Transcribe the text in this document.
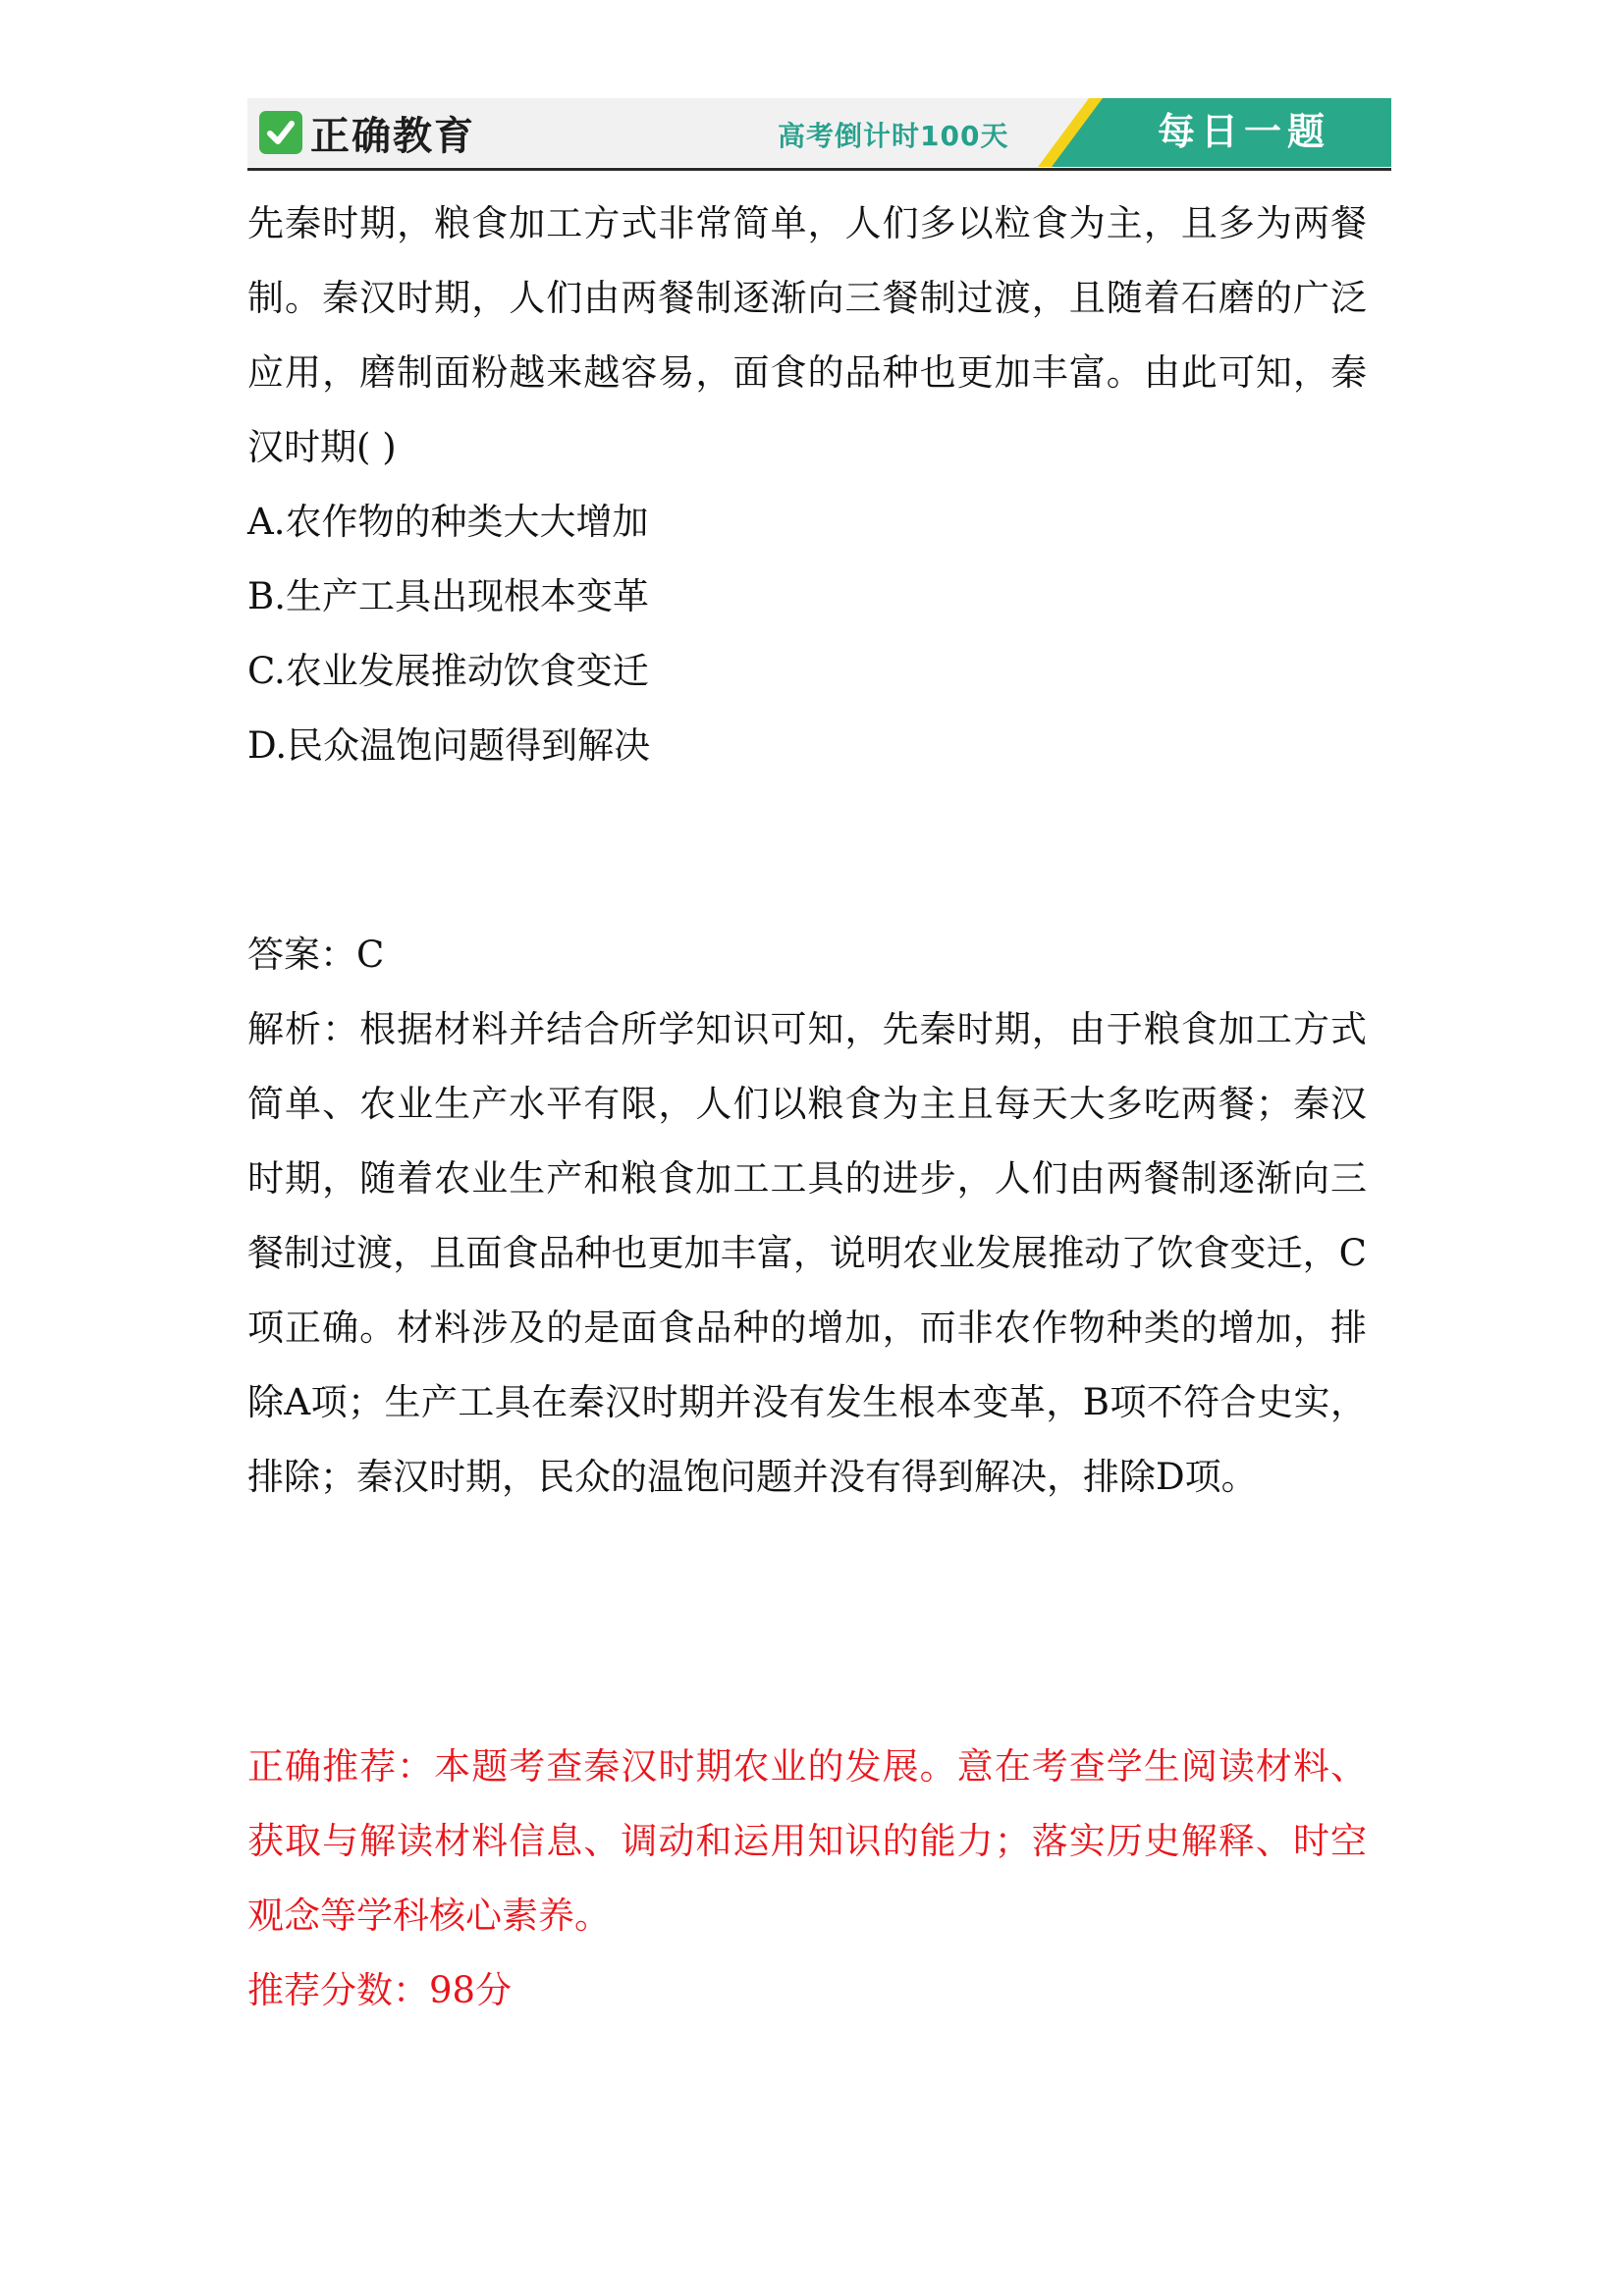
正确教育	高考倒计时100天	每日一题

先秦时期，粮食加工方式非常简单，人们多以粒食为主，且多为两餐制。秦汉时期，人们由两餐制逐渐向三餐制过渡，且随着石磨的广泛应用，磨制面粉越来越容易，面食的品种也更加丰富。由此可知，秦汉时期( )

A.农作物的种类大大增加
B.生产工具出现根本变革
C.农业发展推动饮食变迁
D.民众温饱问题得到解决

答案：C

解析：根据材料并结合所学知识可知，先秦时期，由于粮食加工方式简单、农业生产水平有限，人们以粮食为主且每天大多吃两餐；秦汉时期，随着农业生产和粮食加工工具的进步，人们由两餐制逐渐向三餐制过渡，且面食品种也更加丰富，说明农业发展推动了饮食变迁，C项正确。材料涉及的是面食品种的增加，而非农作物种类的增加，排除A项；生产工具在秦汉时期并没有发生根本变革，B项不符合史实，排除；秦汉时期，民众的温饱问题并没有得到解决，排除D项。

正确推荐：本题考查秦汉时期农业的发展。意在考查学生阅读材料、获取与解读材料信息、调动和运用知识的能力；落实历史解释、时空观念等学科核心素养。

推荐分数：98分
